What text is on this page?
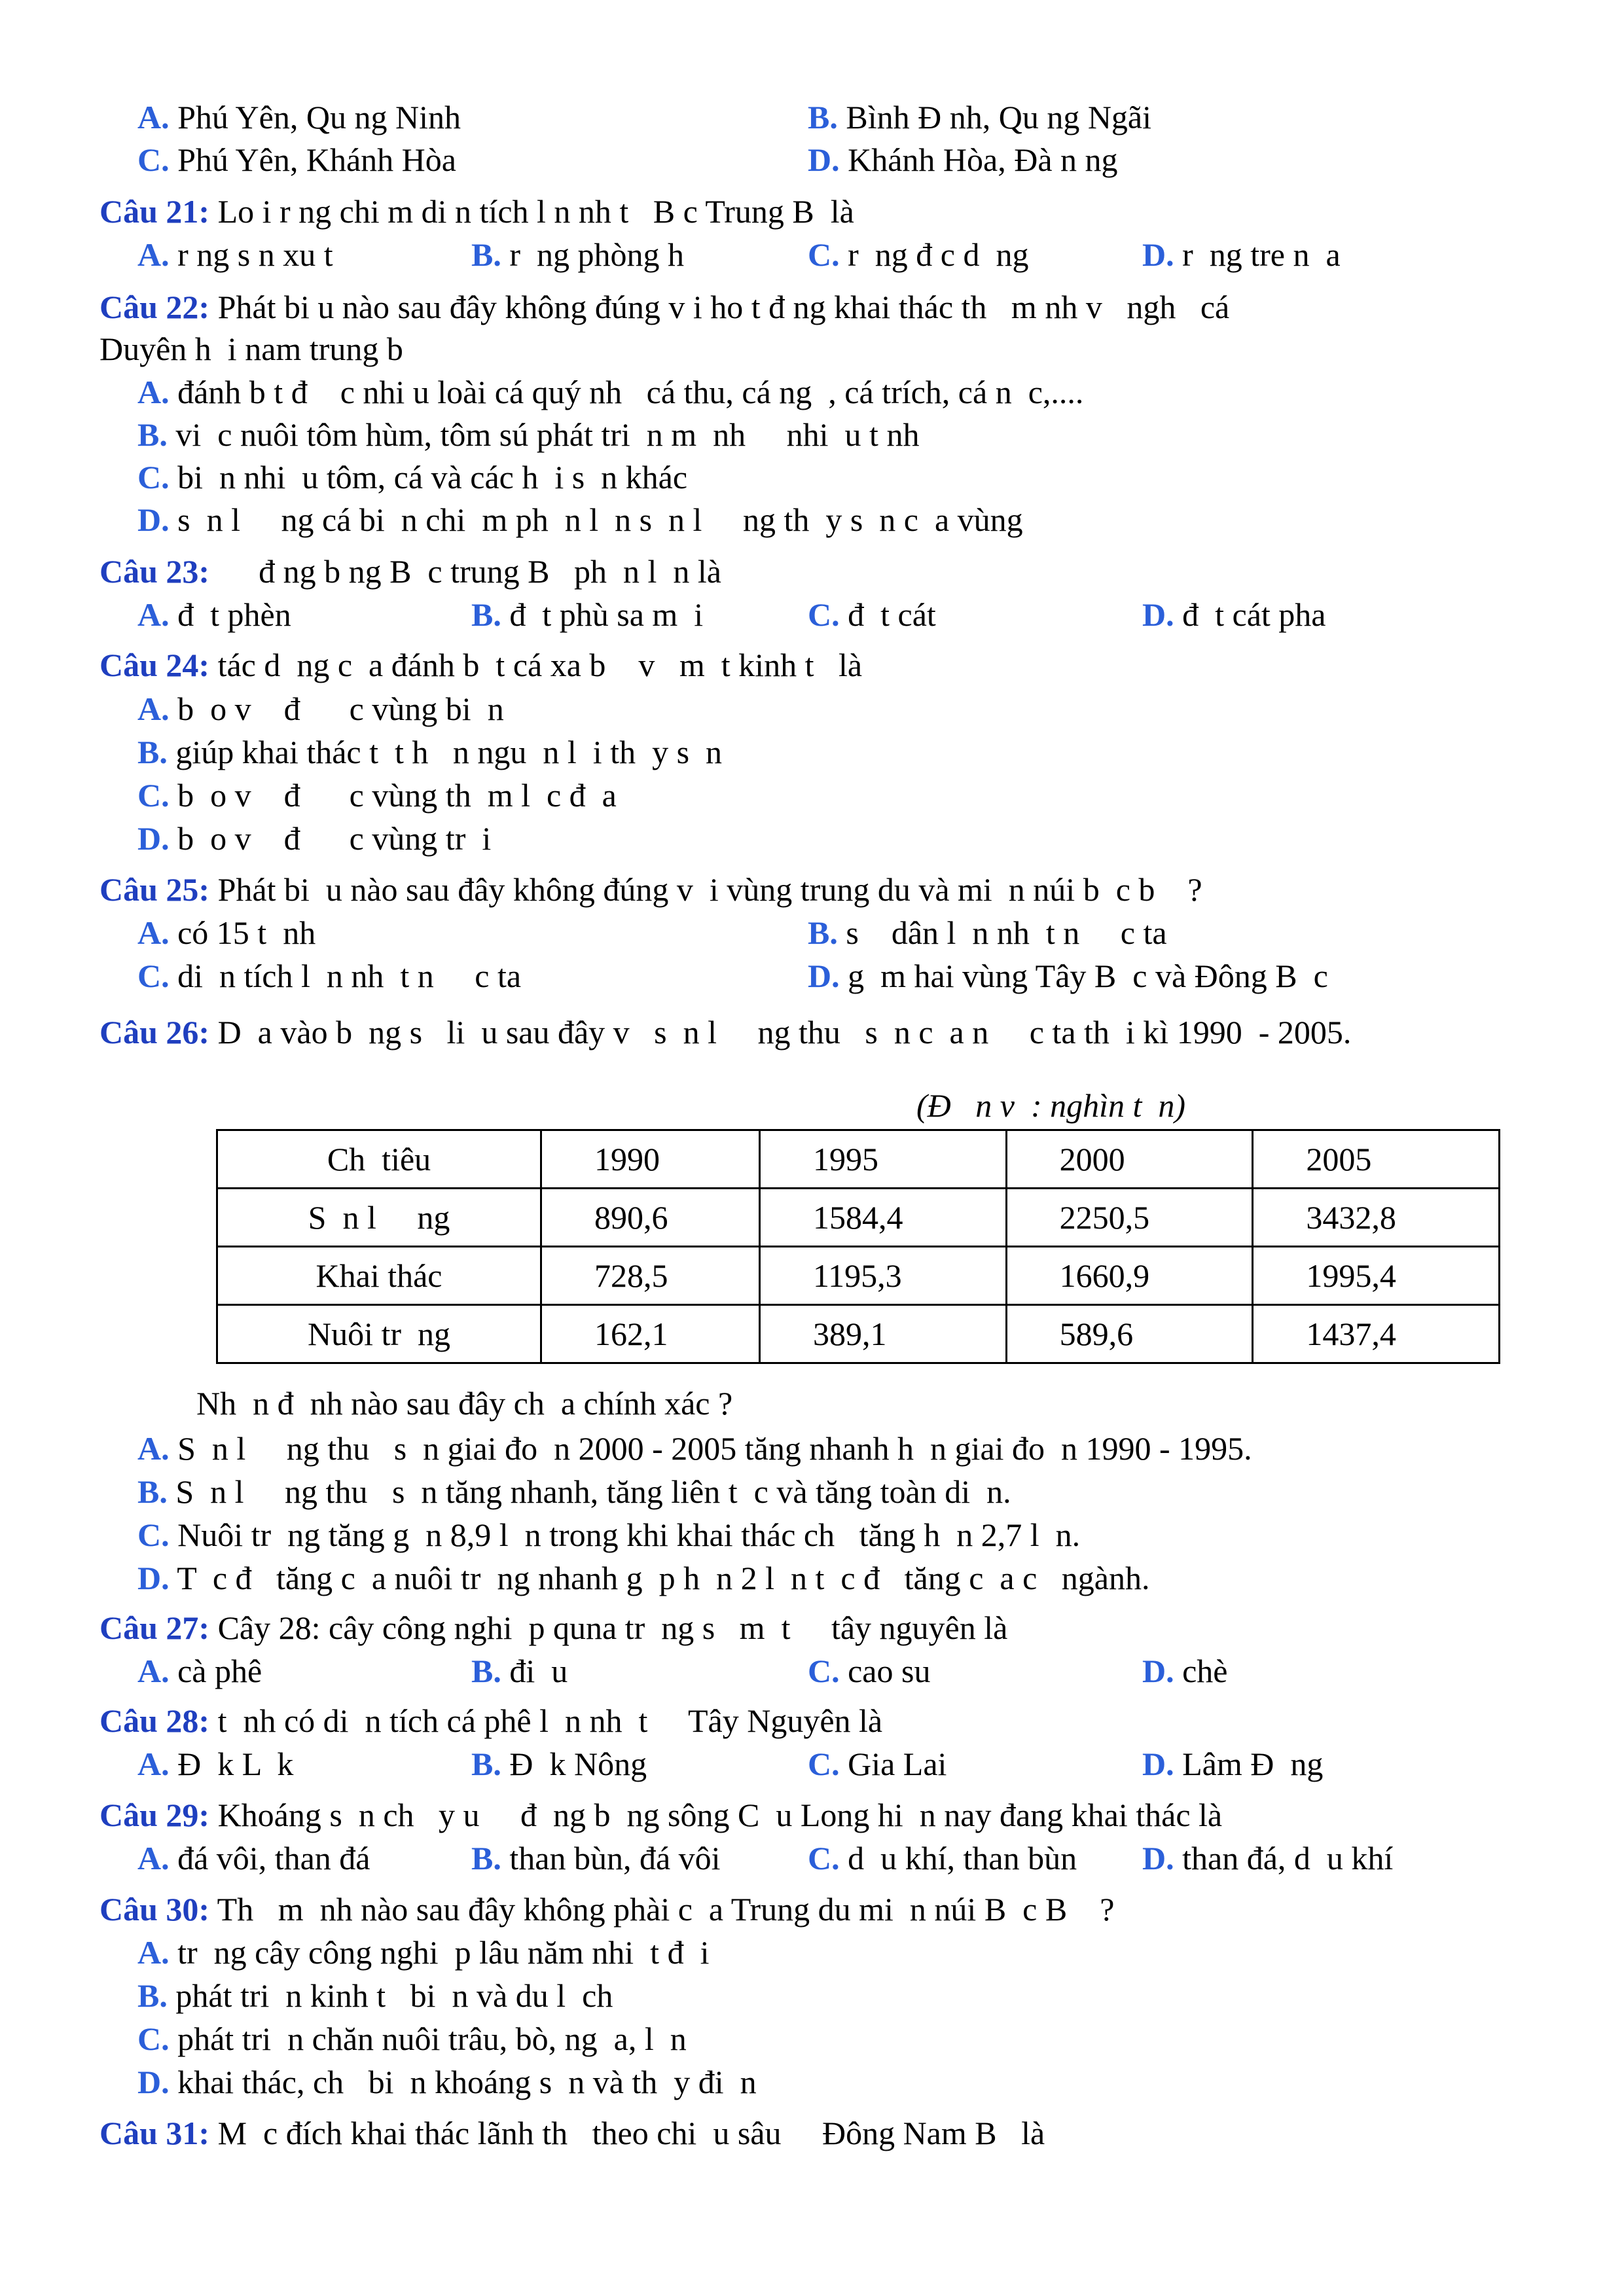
A. Phú Yên, Qu ng Ninh	B. Bình Đ nh, Qu ng Ngãi
C. Phú Yên, Khánh Hòa	D. Khánh Hòa, Đà n ng
Câu 21: Lo i r ng chi m di n tích l n nh t   B c Trung B  là
A. r ng s n xu t	B. r  ng phòng h	C. r  ng đ c d  ng	D. r  ng tre n  a
Câu 22: Phát bi u nào sau đây không đúng v i ho t đ ng khai thác th   m nh v   ngh   cá
Duyên h  i nam trung b
A. đánh b t đ    c nhi u loài cá quý nh   cá thu, cá ng  , cá trích, cá n  c,....
B. vi  c nuôi tôm hùm, tôm sú phát tri  n m  nh     nhi  u t nh
C. bi  n nhi  u tôm, cá và các h  i s  n khác
D. s  n l     ng cá bi  n chi  m ph  n l  n s  n l     ng th  y s  n c  a vùng
Câu 23:      đ ng b ng B  c trung B   ph  n l  n là
A. đ  t phèn	B. đ  t phù sa m  i	C. đ  t cát	D. đ  t cát pha
Câu 24: tác d  ng c  a đánh b  t cá xa b    v   m  t kinh t   là
A. b  o v    đ      c vùng bi  n
B. giúp khai thác t  t h   n ngu  n l  i th  y s  n
C. b  o v    đ      c vùng th  m l  c đ  a
D. b  o v    đ      c vùng tr  i
Câu 25: Phát bi  u nào sau đây không đúng v  i vùng trung du và mi  n núi b  c b    ?
A. có 15 t  nh	B. s    dân l  n nh  t n     c ta
C. di  n tích l  n nh  t n     c ta	D. g  m hai vùng Tây B  c và Đông B  c
Câu 26: D  a vào b  ng s   li  u sau đây v   s  n l     ng thu   s  n c  a n     c ta th  i kì 1990  - 2005.
(Đ   n v  : nghìn t  n)
Ch  tiêu	1990	1995	2000	2005
S  n l     ng	890,6	1584,4	2250,5	3432,8
Khai thác	728,5	1195,3	1660,9	1995,4
Nuôi tr  ng	162,1	389,1	589,6	1437,4
Nh  n đ  nh nào sau đây ch  a chính xác ?
A. S  n l     ng thu   s  n giai đo  n 2000 - 2005 tăng nhanh h  n giai đo  n 1990 - 1995.
B. S  n l     ng thu   s  n tăng nhanh, tăng liên t  c và tăng toàn di  n.
C. Nuôi tr  ng tăng g  n 8,9 l  n trong khi khai thác ch   tăng h  n 2,7 l  n.
D. T  c đ   tăng c  a nuôi tr  ng nhanh g  p h  n 2 l  n t  c đ   tăng c  a c   ngành.
Câu 27: Cây 28: cây công nghi  p quna tr  ng s   m  t     tây nguyên là
A. cà phê	B. đi  u	C. cao su	D. chè
Câu 28: t  nh có di  n tích cá phê l  n nh  t     Tây Nguyên là
A. Đ  k L  k	B. Đ  k Nông	C. Gia Lai	D. Lâm Đ  ng
Câu 29: Khoáng s  n ch   y u     đ  ng b  ng sông C  u Long hi  n nay đang khai thác là
A. đá vôi, than đá	B. than bùn, đá vôi	C. d  u khí, than bùn D. than đá, d  u khí
Câu 30: Th   m  nh nào sau đây không phài c  a Trung du mi  n núi B  c B    ?
A. tr  ng cây công nghi  p lâu năm nhi  t đ  i
B. phát tri  n kinh t   bi  n và du l  ch
C. phát tri  n chăn nuôi trâu, bò, ng  a, l  n
D. khai thác, ch   bi  n khoáng s  n và th  y đi  n
Câu 31: M  c đích khai thác lãnh th   theo chi  u sâu     Đông Nam B   là
